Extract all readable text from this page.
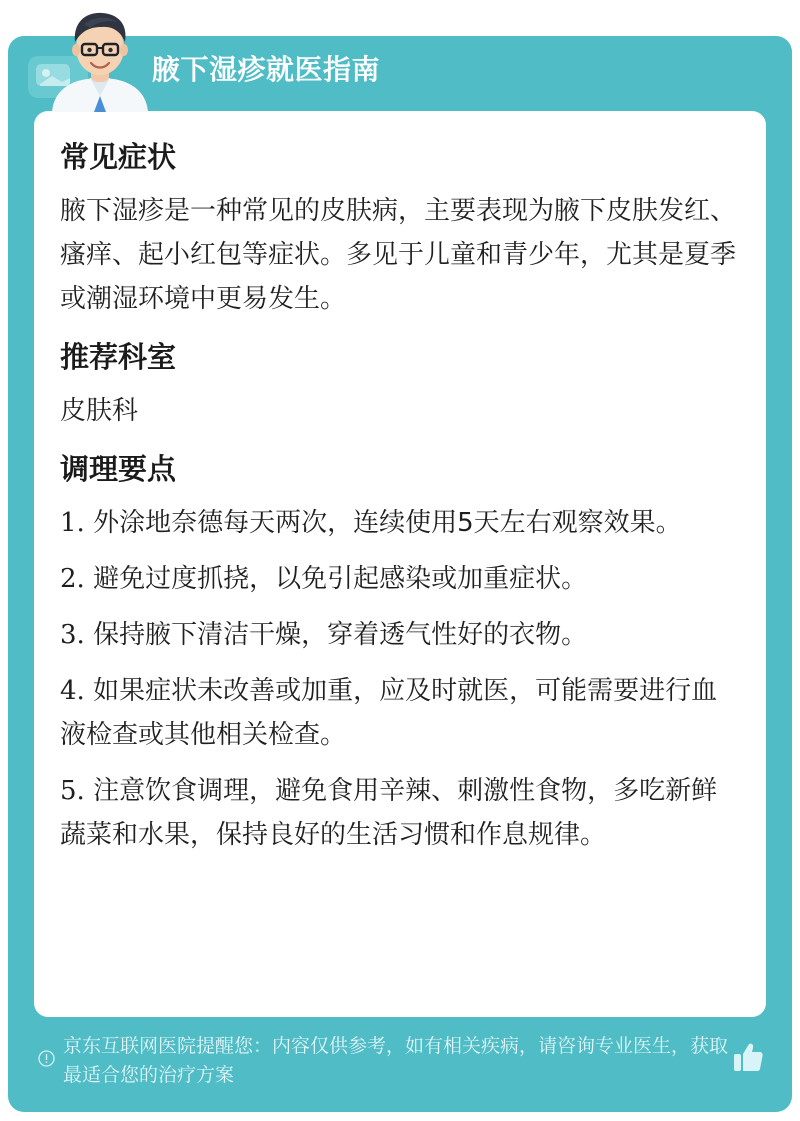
腋下湿疹就医指南
京东互联网医院提醒您：内容仅供参考，如有相关疾病，请咨询专业医生，获取最适合您的治疗方案
常见症状

腋下湿疹是一种常见的皮肤病，主要表现为腋下皮肤发红、瘙痒、起小红包等症状。多见于儿童和青少年，尤其是夏季或潮湿环境中更易发生。

推荐科室

皮肤科

调理要点
1. 外涂地奈德每天两次，连续使用5天左右观察效果。
2. 避免过度抓挠，以免引起感染或加重症状。
3. 保持腋下清洁干燥，穿着透气性好的衣物。
4. 如果症状未改善或加重，应及时就医，可能需要进行血液检查或其他相关检查。
5. 注意饮食调理，避免食用辛辣、刺激性食物，多吃新鲜蔬菜和水果，保持良好的生活习惯和作息规律。
